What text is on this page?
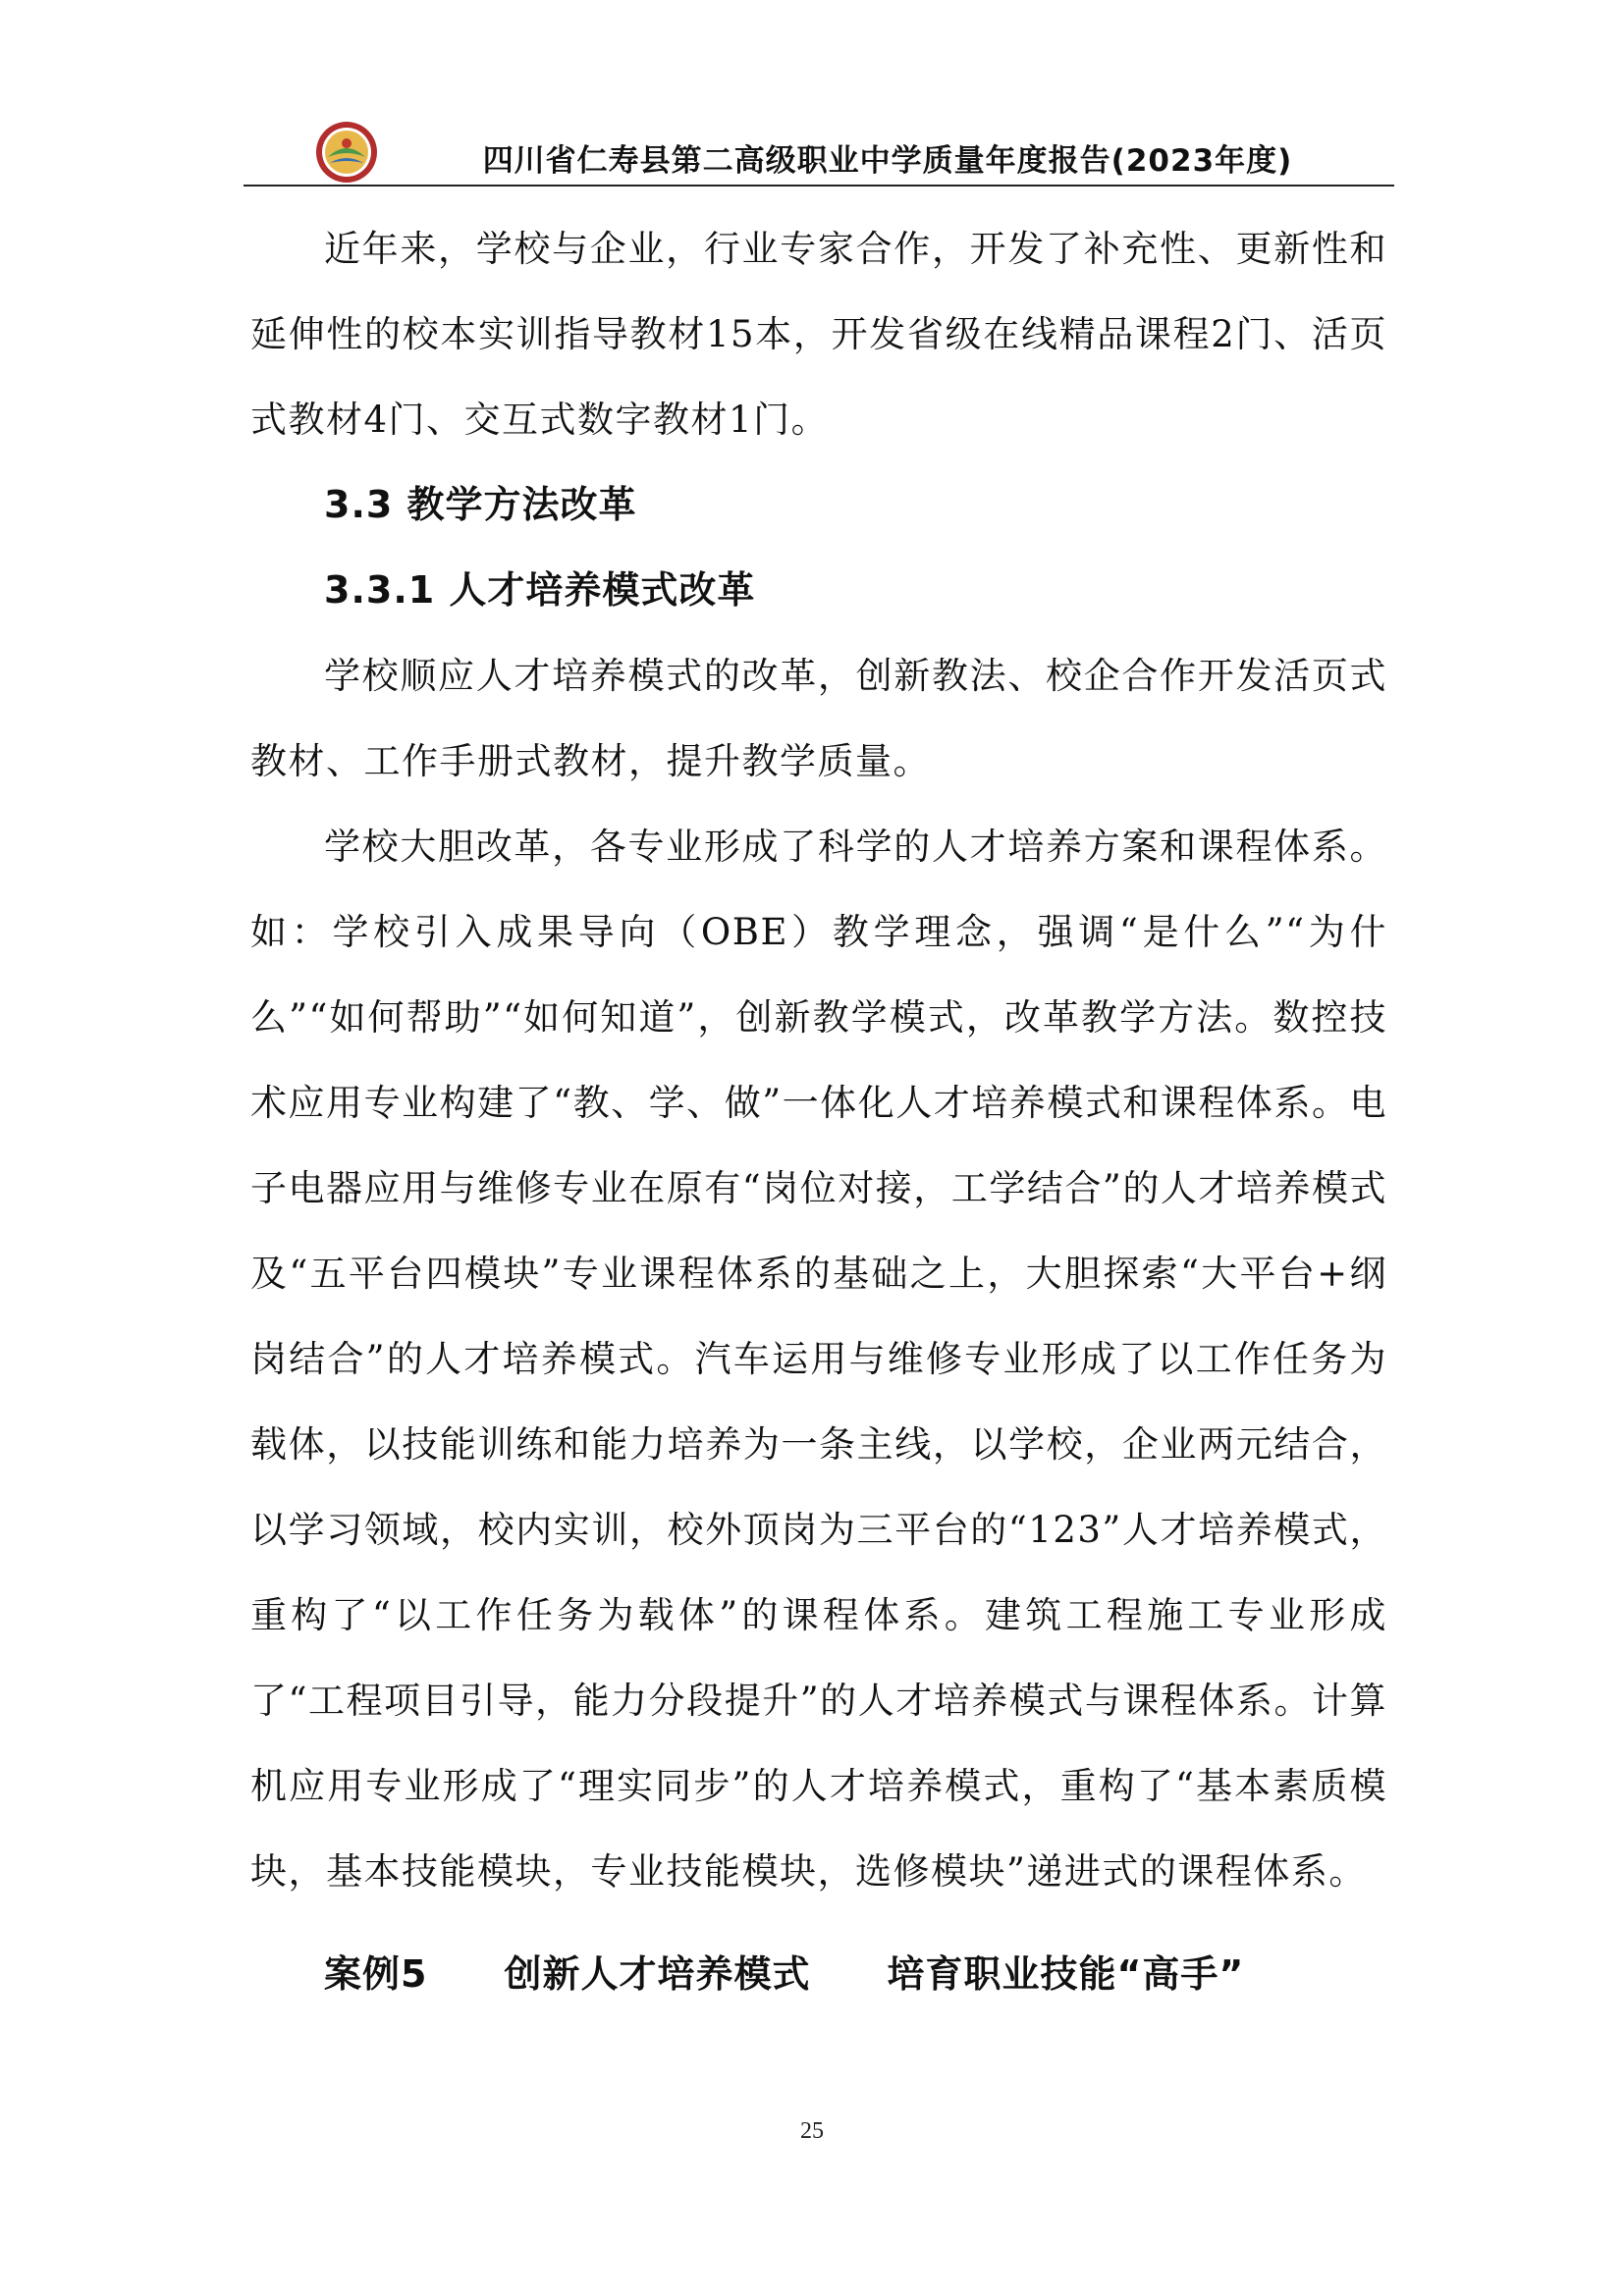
四川省仁寿县第二高级职业中学质量年度报告(2023年度)

近年来，学校与企业，行业专家合作，开发了补充性、更新性和延伸性的校本实训指导教材15本，开发省级在线精品课程2门、活页式教材4门、交互式数字教材1门。

3.3 教学方法改革
3.3.1 人才培养模式改革

学校顺应人才培养模式的改革，创新教法、校企合作开发活页式教材、工作手册式教材，提升教学质量。

学校大胆改革，各专业形成了科学的人才培养方案和课程体系。如：学校引入成果导向（OBE）教学理念，强调“是什么”“为什么”“如何帮助”“如何知道”，创新教学模式，改革教学方法。数控技术应用专业构建了“教、学、做”一体化人才培养模式和课程体系。电子电器应用与维修专业在原有“岗位对接，工学结合”的人才培养模式及“五平台四模块”专业课程体系的基础之上，大胆探索“大平台+纲岗结合”的人才培养模式。汽车运用与维修专业形成了以工作任务为载体，以技能训练和能力培养为一条主线，以学校，企业两元结合，以学习领域，校内实训，校外顶岗为三平台的“123”人才培养模式，重构了“以工作任务为载体”的课程体系。建筑工程施工专业形成了“工程项目引导，能力分段提升”的人才培养模式与课程体系。计算机应用专业形成了“理实同步”的人才培养模式，重构了“基本素质模块，基本技能模块，专业技能模块，选修模块”递进式的课程体系。

案例5　　创新人才培养模式　　培育职业技能“高手”
25
